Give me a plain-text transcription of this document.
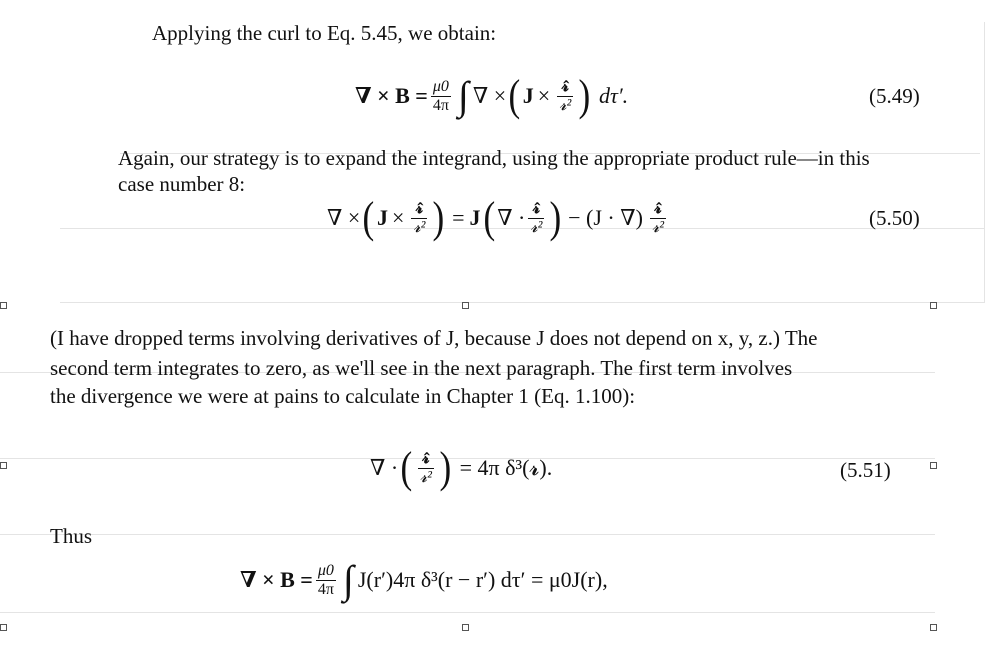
Applying the curl to Eq. 5.45, we obtain:
∇ × $B = \frac{\mu 0}{4\pi}$ ∫ ∇ × ( $J \times \frac{\text{𝓻̂}}{\text{𝓻²}}$ ) dτ′.	(5.49)
Again, our strategy is to expand the integrand, using the appropriate product rule—in this
case number 8:
∇ × ( $J \times \frac{\text{𝓻̂}}{\text{𝓻²}}$ ) = J ( ∇ · $\frac{\text{𝓻̂}}{\text{𝓻²}}$ ) − (J · ∇) $\frac{\text{𝓻̂}}{\text{𝓻²}}$	(5.50)
(I have dropped terms involving derivatives of J, because J does not depend on x, y, z.) The
second term integrates to zero, as we'll see in the next paragraph. The first term involves
the divergence we were at pains to calculate in Chapter 1 (Eq. 1.100):
∇ · ( $\frac{\text{𝓻̂}}{\text{𝓻²}}$ ) = 4π δ³(𝓻).	(5.51)
Thus
∇ × $B = \frac{\mu 0}{4\pi}$ ∫ J(r′)4π δ³(r − r′) dτ′ = μ0J(r),
